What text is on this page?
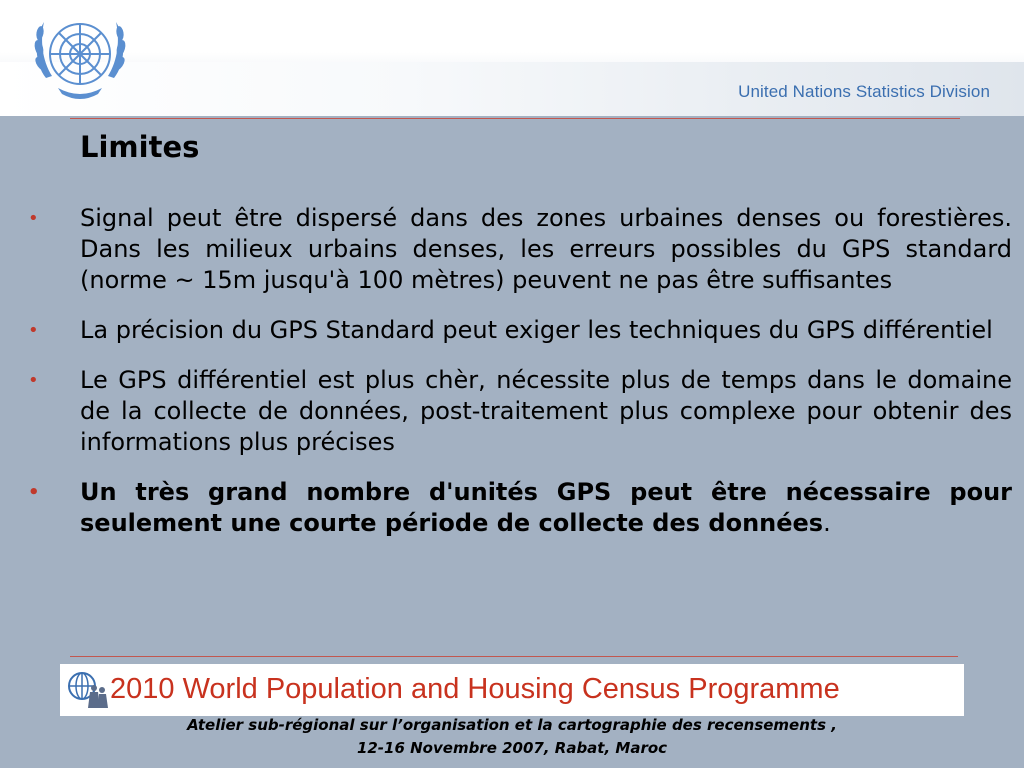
United Nations Statistics Division
Limites
• Signal peut être dispersé dans des zones urbaines denses ou forestières. Dans les milieux urbains denses, les erreurs possibles du GPS standard (norme ~ 15m jusqu'à 100 mètres) peuvent ne pas être suffisantes
• La précision du GPS Standard peut exiger les techniques du GPS différentiel
• Le GPS différentiel est plus chèr, nécessite plus de temps dans le domaine de la collecte de données, post-traitement plus complexe pour obtenir des informations plus précises
• Un très grand nombre d'unités GPS peut être nécessaire pour seulement une courte période de collecte des données.
2010 World Population and Housing Census Programme
Atelier sub-régional sur l’organisation et la cartographie des recensements ,
12-16 Novembre 2007, Rabat, Maroc
